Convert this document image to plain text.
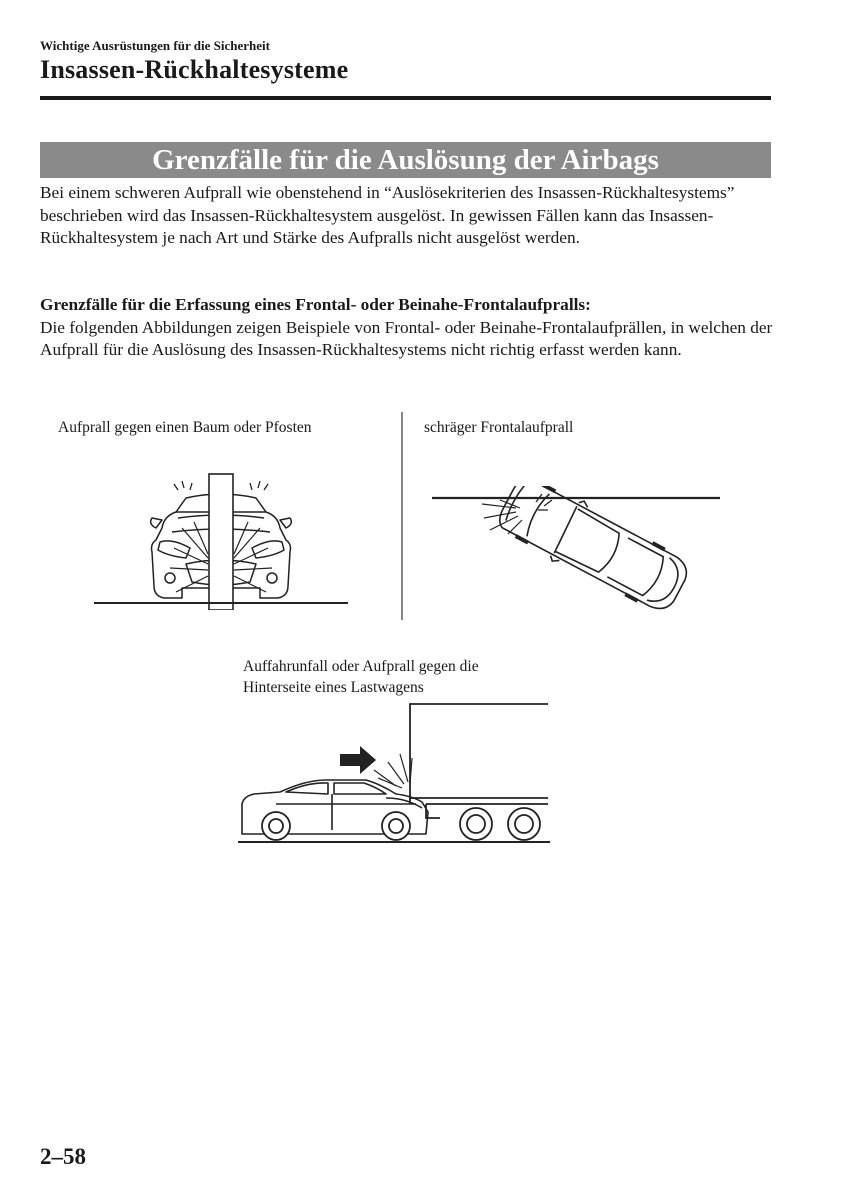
Wichtige Ausrüstungen für die Sicherheit
Insassen-Rückhaltesysteme
Grenzfälle für die Auslösung der Airbags
Bei einem schweren Aufprall wie obenstehend in “Auslösekriterien des Insassen-Rückhaltesystems” beschrieben wird das Insassen-Rückhaltesystem ausgelöst. In gewissen Fällen kann das Insassen-Rückhaltesystem je nach Art und Stärke des Aufpralls nicht ausgelöst werden.
Grenzfälle für die Erfassung eines Frontal- oder Beinahe-Frontalaufpralls:
Die folgenden Abbildungen zeigen Beispiele von Frontal- oder Beinahe-Frontalaufprällen, in welchen der Aufprall für die Auslösung des Insassen-Rückhaltesystems nicht richtig erfasst werden kann.
Aufprall gegen einen Baum oder Pfosten	schräger Frontalaufprall
Auffahrunfall oder Aufprall gegen die
Hinterseite eines Lastwagens
2–58
